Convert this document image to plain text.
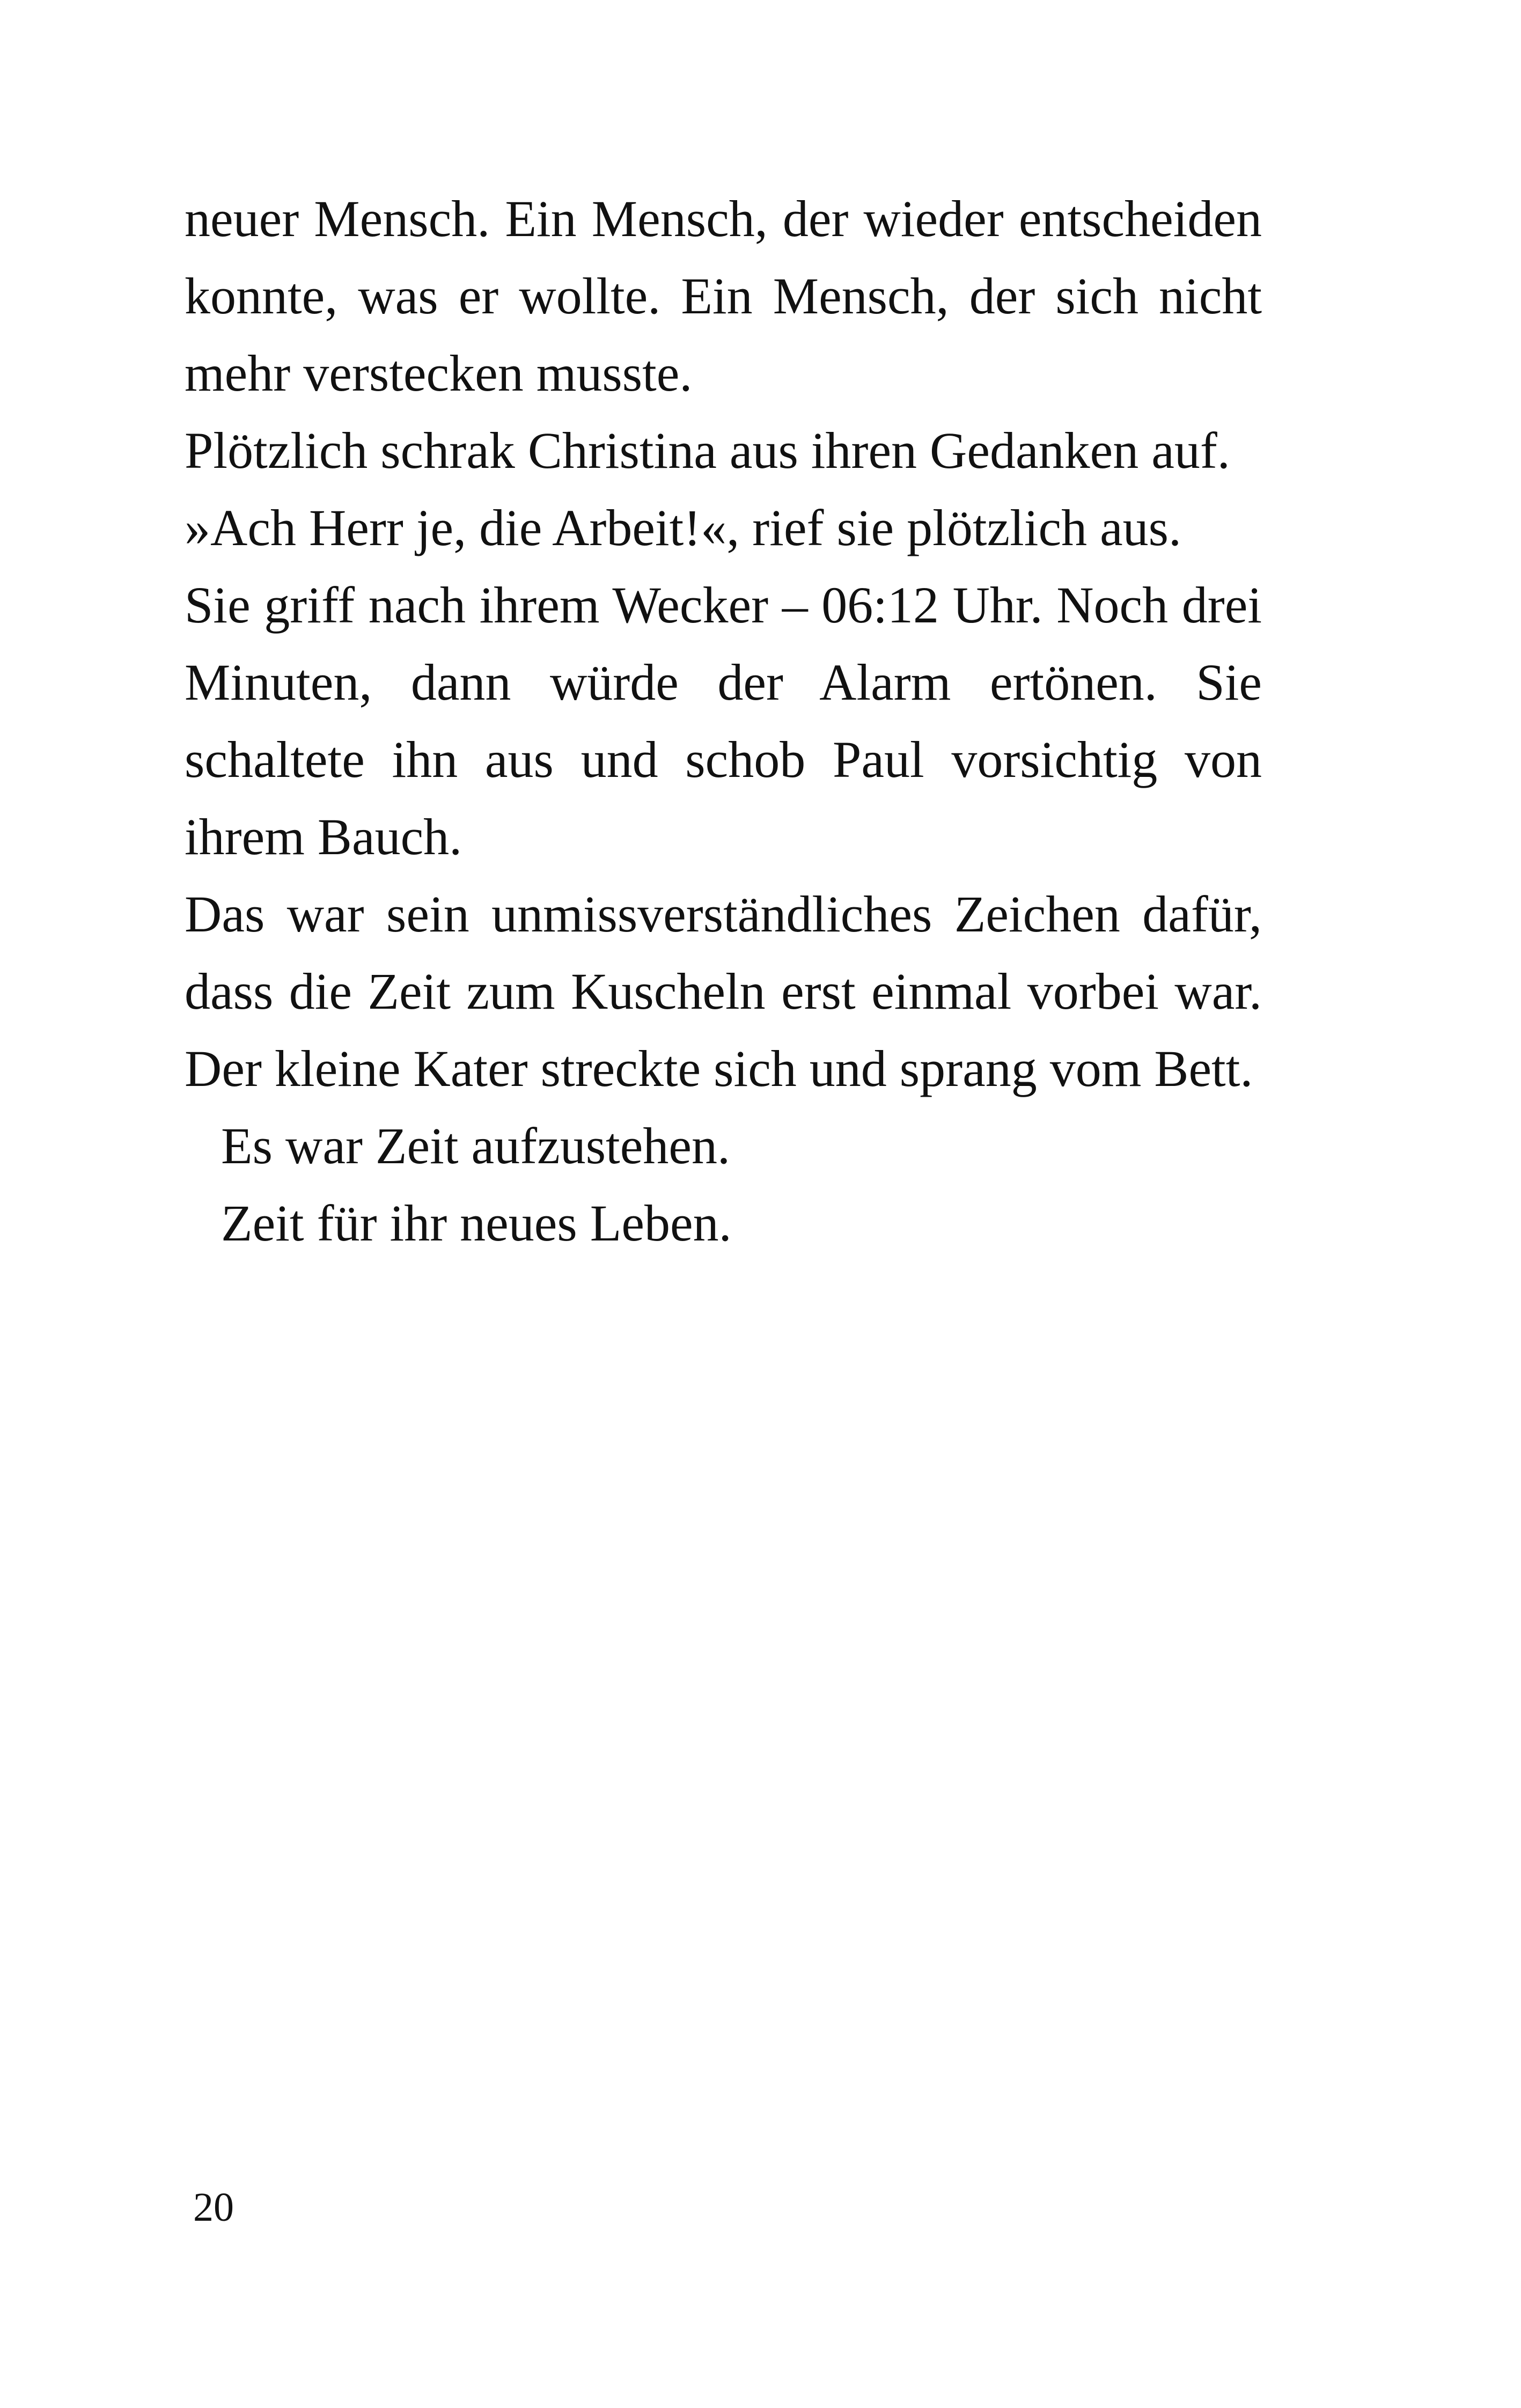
neuer Mensch. Ein Mensch, der wieder entscheiden konnte, was er wollte. Ein Mensch, der sich nicht mehr verstecken musste.

Plötzlich schrak Christina aus ihren Gedanken auf.

»Ach Herr je, die Arbeit!«, rief sie plötzlich aus.

Sie griff nach ihrem Wecker – 06:12 Uhr. Noch drei Minuten, dann würde der Alarm ertönen. Sie schaltete ihn aus und schob Paul vorsichtig von ihrem Bauch.

Das war sein unmissverständliches Zeichen dafür, dass die Zeit zum Kuscheln erst einmal vorbei war. Der kleine Kater streckte sich und sprang vom Bett.

Es war Zeit aufzustehen.

Zeit für ihr neues Leben.

20
